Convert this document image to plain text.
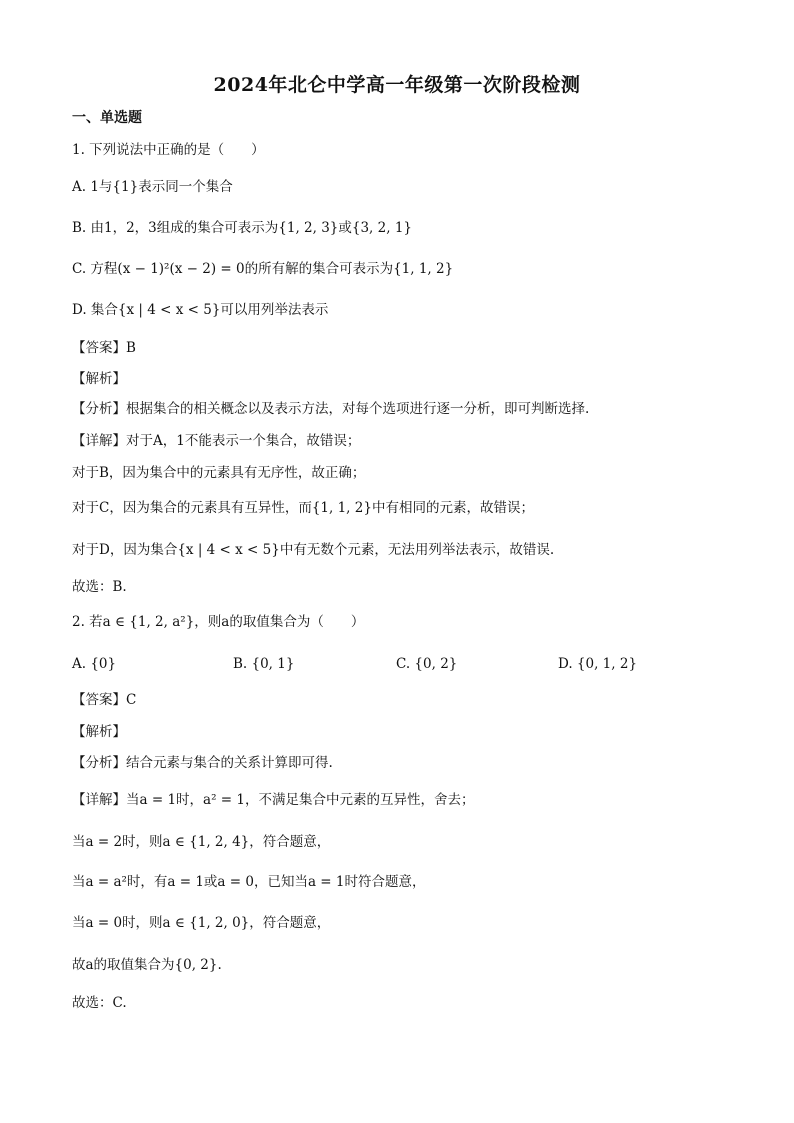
2024年北仑中学高一年级第一次阶段检测
一、单选题
1. 下列说法中正确的是（　　）
A. 1与{1}表示同一个集合
B. 由1，2，3组成的集合可表示为{1, 2, 3}或{3, 2, 1}
C. 方程(x − 1)²(x − 2) = 0的所有解的集合可表示为{1, 1, 2}
D. 集合{x | 4 < x < 5}可以用列举法表示
【答案】B
【解析】
【分析】根据集合的相关概念以及表示方法，对每个选项进行逐一分析，即可判断选择.
【详解】对于A，1不能表示一个集合，故错误；
对于B，因为集合中的元素具有无序性，故正确；
对于C，因为集合的元素具有互异性，而{1, 1, 2}中有相同的元素，故错误；
对于D，因为集合{x | 4 < x < 5}中有无数个元素，无法用列举法表示，故错误.
故选：B.
2. 若a ∈ {1, 2, a²}，则a的取值集合为（　　）
A. {0}	B. {0, 1}	C. {0, 2}	D. {0, 1, 2}
【答案】C
【解析】
【分析】结合元素与集合的关系计算即可得.
【详解】当a = 1时，a² = 1，不满足集合中元素的互异性，舍去；
当a = 2时，则a ∈ {1, 2, 4}，符合题意，
当a = a²时，有a = 1或a = 0，已知当a = 1时符合题意，
当a = 0时，则a ∈ {1, 2, 0}，符合题意，
故a的取值集合为{0, 2}.
故选：C.
